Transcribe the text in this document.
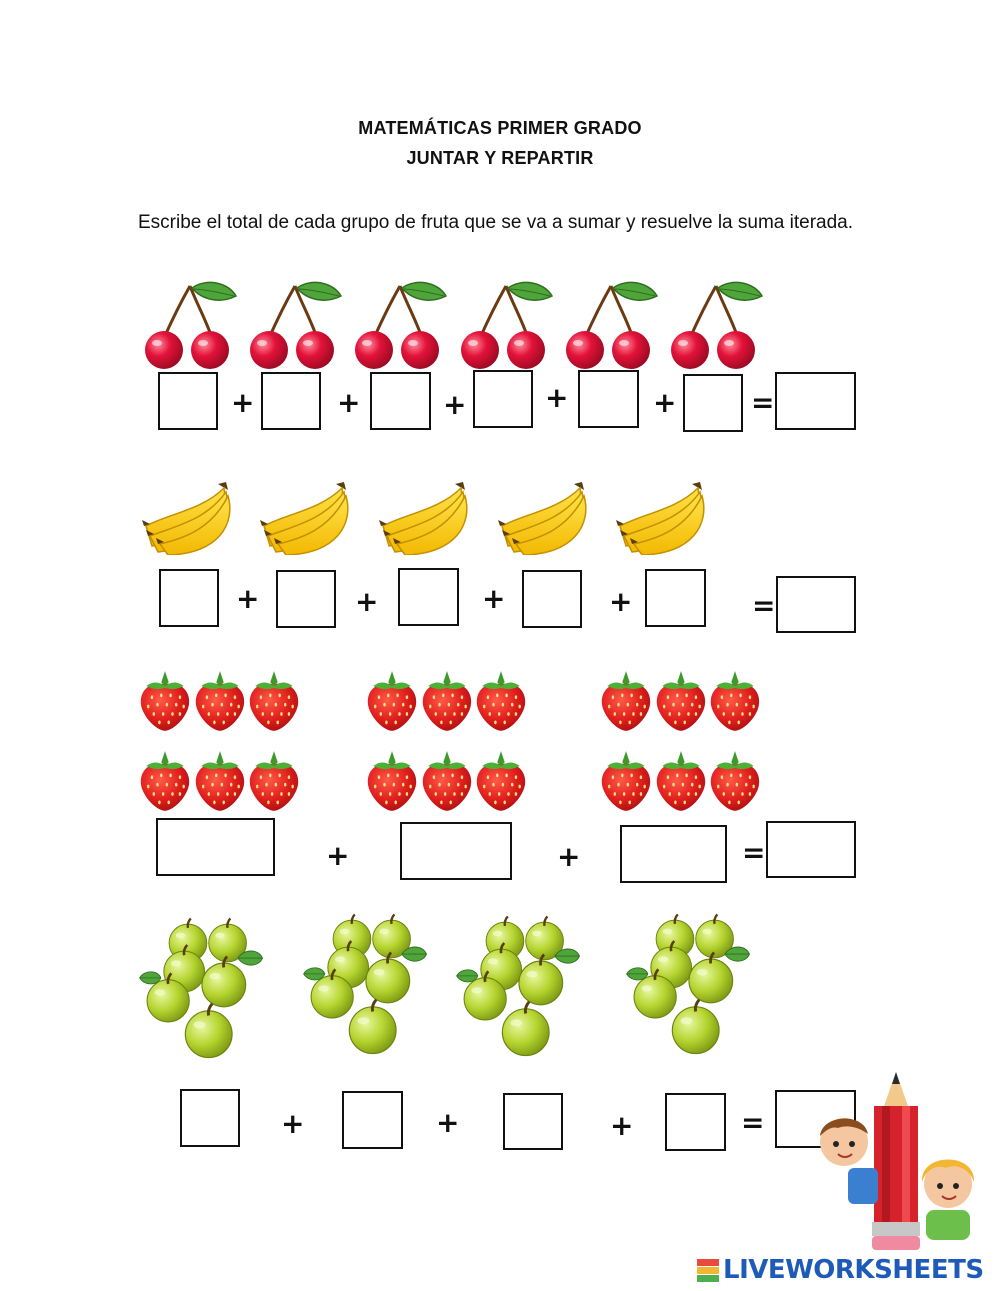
MATEMÁTICAS PRIMER GRADO
JUNTAR Y REPARTIR
Escribe el total de cada grupo de fruta que se va a sumar y resuelve la suma iterada.
+	+	+	+	+	=
+	+	+	+	=
+	+	=
+	+	+	=
LIVEWORKSHEETS
